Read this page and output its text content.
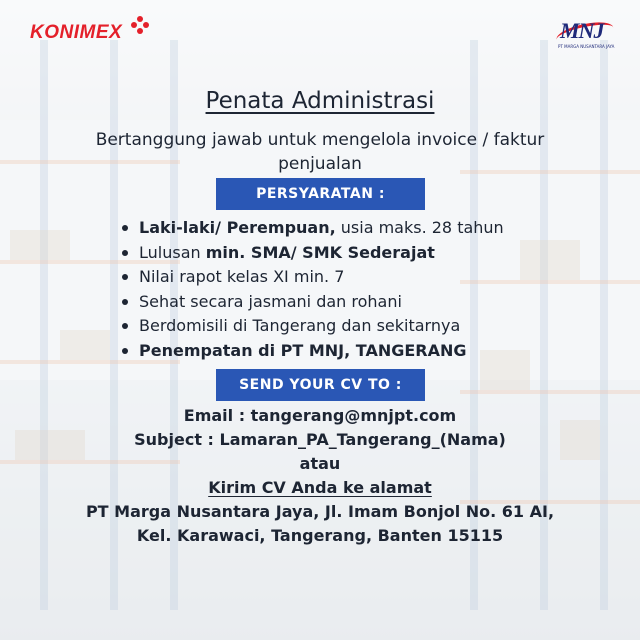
KONIMEX	MNJ
PT MARGA NUSANTARA JAYA
Penata Administrasi
Bertanggung jawab untuk mengelola invoice / faktur penjualan
PERSYARATAN :
Laki-laki/ Perempuan, usia maks. 28 tahun
Lulusan min. SMA/ SMK Sederajat
Nilai rapot kelas XI min. 7
Sehat secara jasmani dan rohani
Berdomisili di Tangerang dan sekitarnya
Penempatan di PT MNJ, TANGERANG
SEND YOUR CV TO :
Email : tangerang@mnjpt.com
Subject : Lamaran_PA_Tangerang_(Nama)
atau
Kirim CV Anda ke alamat
PT Marga Nusantara Jaya, Jl. Imam Bonjol No. 61 AI,
Kel. Karawaci, Tangerang, Banten 15115
